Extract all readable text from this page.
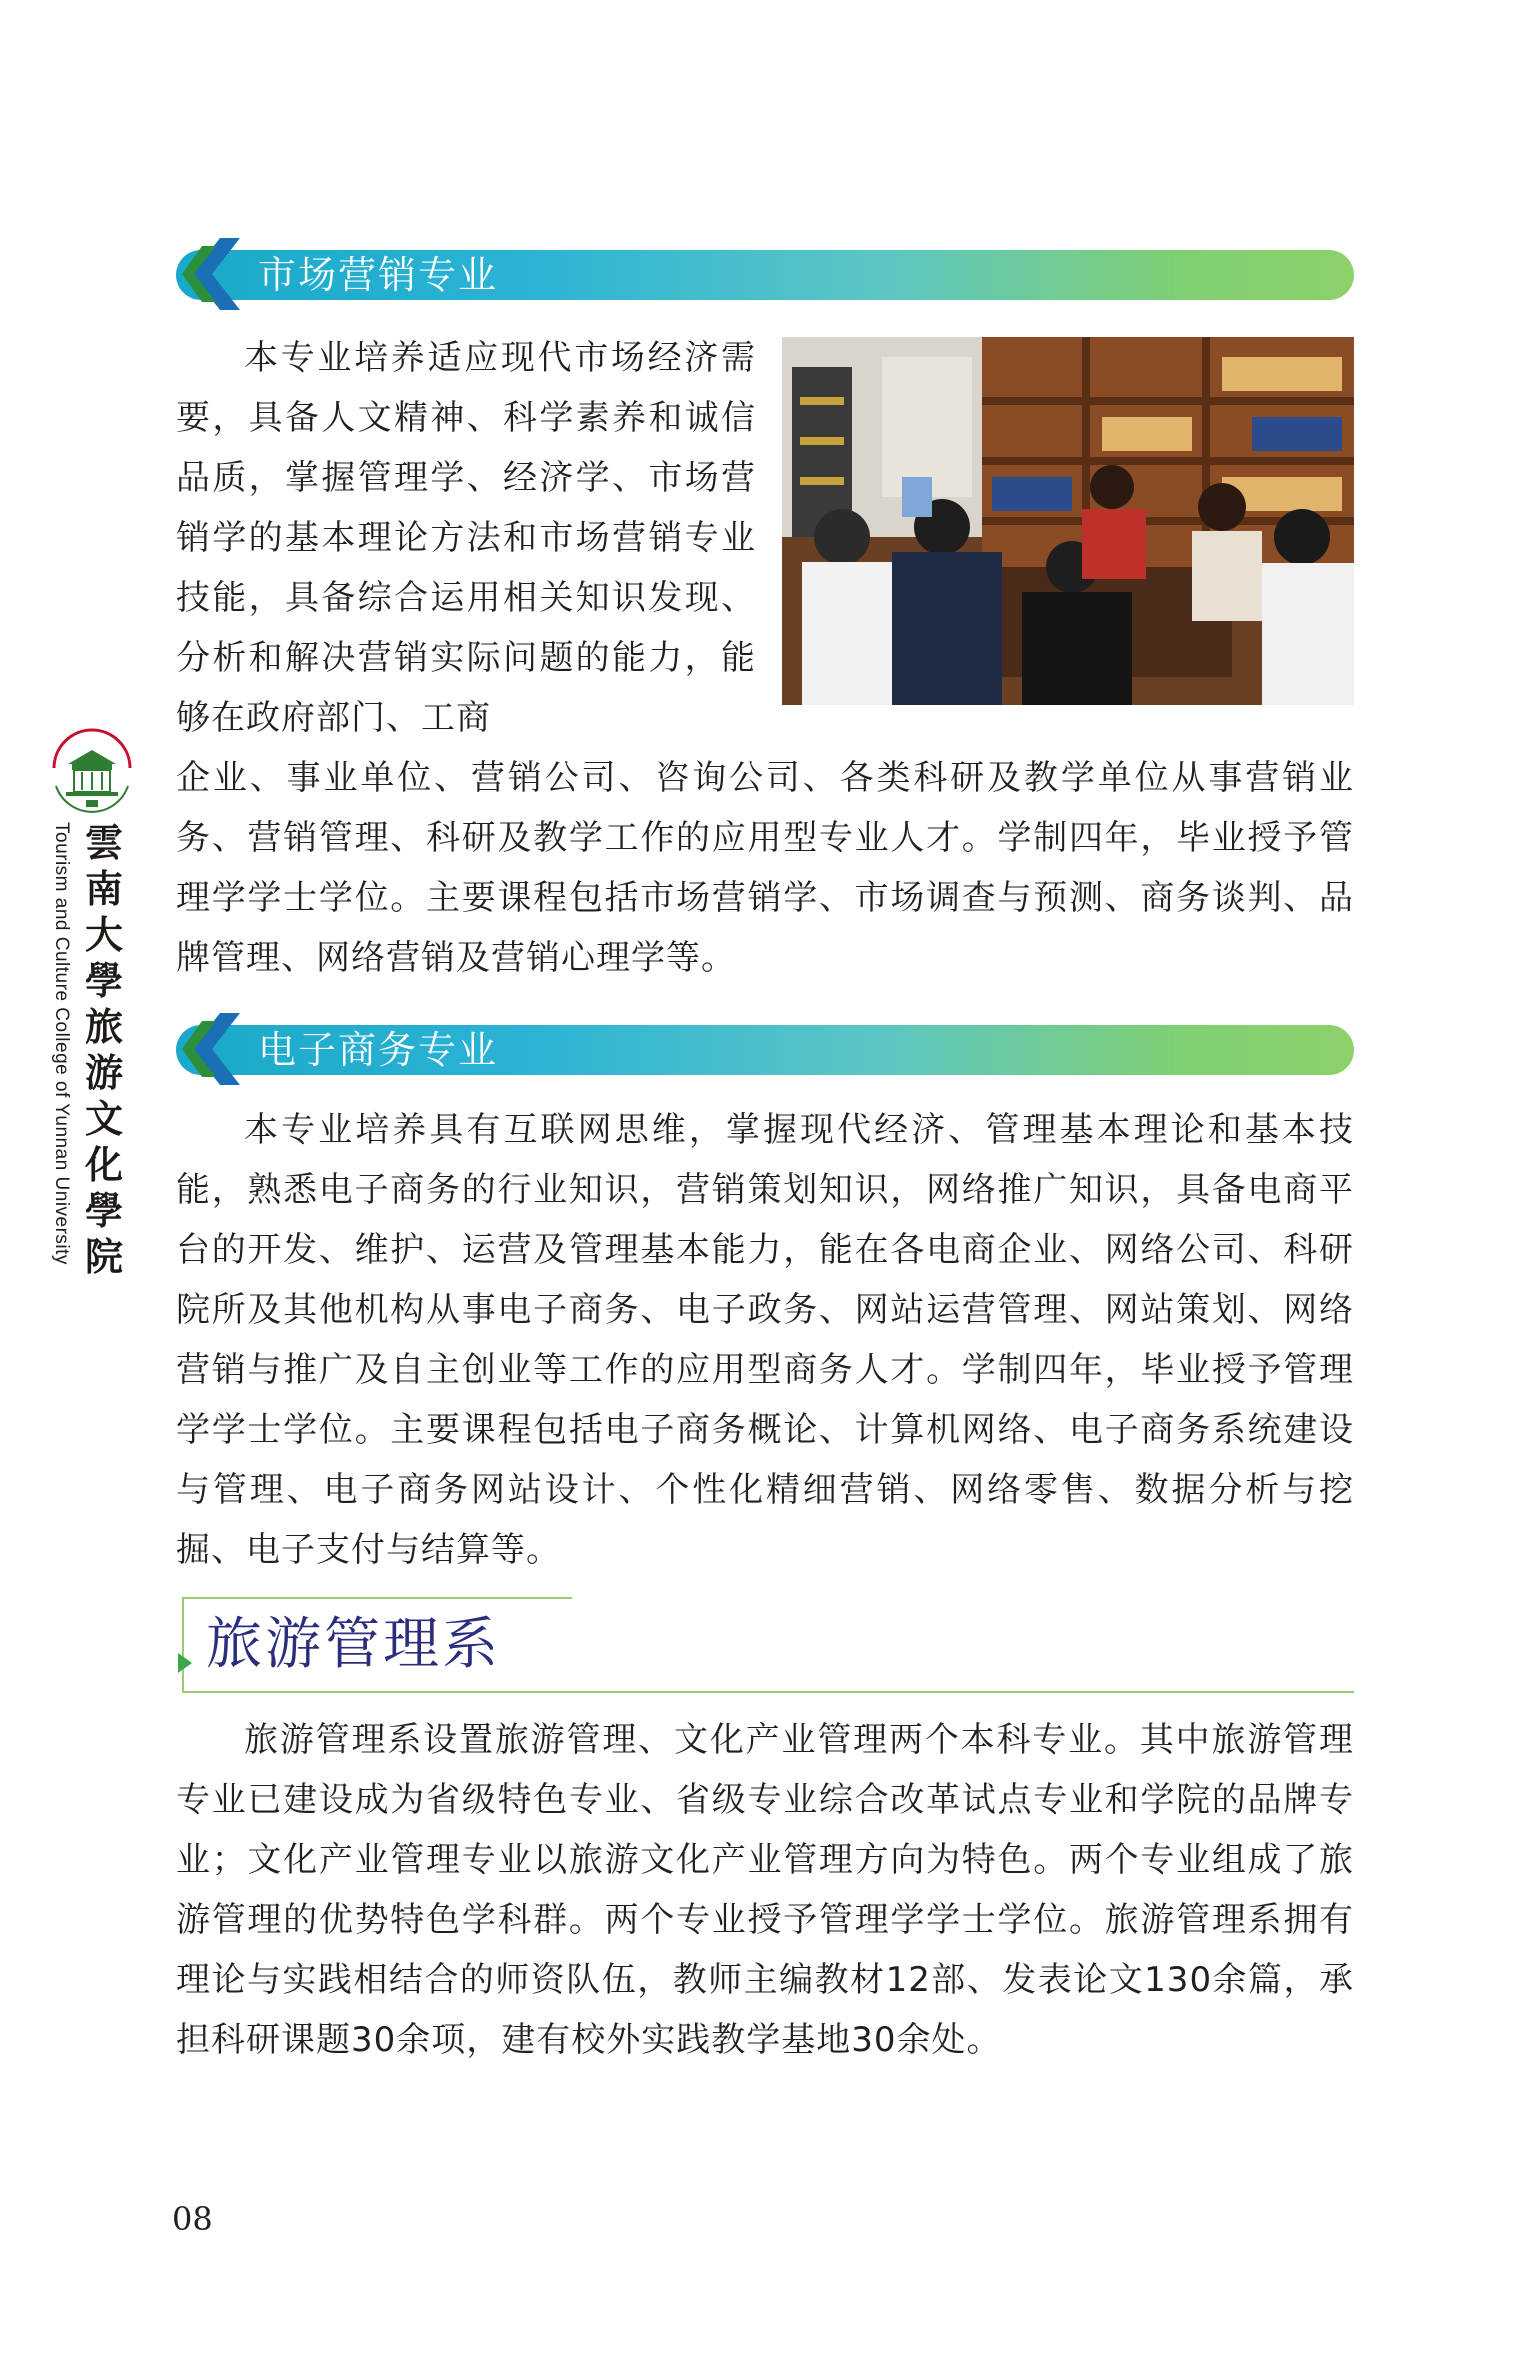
雲南大學旅游文化學院
Tourism and Culture College of Yunnan University
市场营销专业

本专业培养适应现代市场经济需要，具备人文精神、科学素养和诚信品质，掌握管理学、经济学、市场营销学的基本理论方法和市场营销专业技能，具备综合运用相关知识发现、分析和解决营销实际问题的能力，能够在政府部门、工商

企业、事业单位、营销公司、咨询公司、各类科研及教学单位从事营销业务、营销管理、科研及教学工作的应用型专业人才。学制四年，毕业授予管理学学士学位。主要课程包括市场营销学、市场调查与预测、商务谈判、品牌管理、网络营销及营销心理学等。

电子商务专业

本专业培养具有互联网思维，掌握现代经济、管理基本理论和基本技能，熟悉电子商务的行业知识，营销策划知识，网络推广知识，具备电商平台的开发、维护、运营及管理基本能力，能在各电商企业、网络公司、科研院所及其他机构从事电子商务、电子政务、网站运营管理、网站策划、网络营销与推广及自主创业等工作的应用型商务人才。学制四年，毕业授予管理学学士学位。主要课程包括电子商务概论、计算机网络、电子商务系统建设与管理、电子商务网站设计、个性化精细营销、网络零售、数据分析与挖掘、电子支付与结算等。

旅游管理系

旅游管理系设置旅游管理、文化产业管理两个本科专业。其中旅游管理专业已建设成为省级特色专业、省级专业综合改革试点专业和学院的品牌专业；文化产业管理专业以旅游文化产业管理方向为特色。两个专业组成了旅游管理的优势特色学科群。两个专业授予管理学学士学位。旅游管理系拥有理论与实践相结合的师资队伍，教师主编教材12部、发表论文130余篇，承担科研课题30余项，建有校外实践教学基地30余处。

08
